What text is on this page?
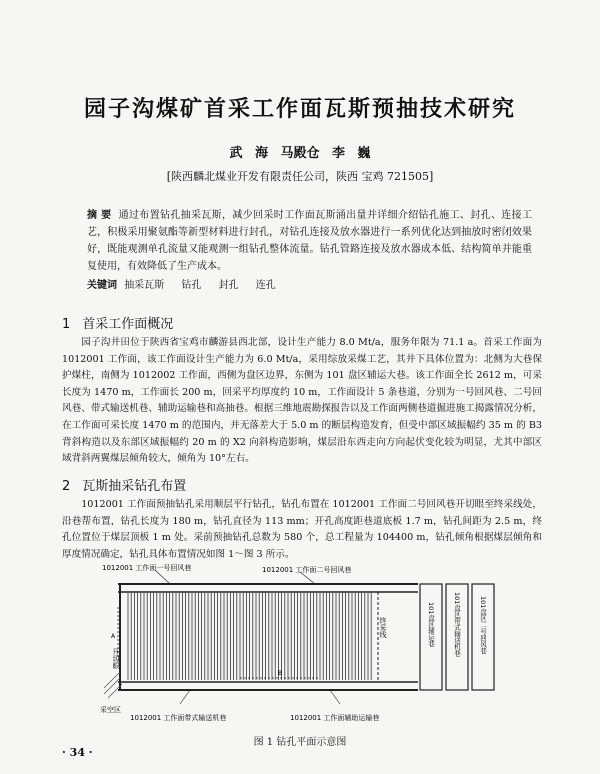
园子沟煤矿首采工作面瓦斯预抽技术研究
武 海 马殿仓 李 巍
[陕西麟北煤业开发有限责任公司，陕西 宝鸡 721505]
摘 要 通过布置钻孔抽采瓦斯，减少回采时工作面瓦斯涌出量并详细介绍钻孔施工、封孔、连接工艺，积极采用聚氨酯等新型材料进行封孔，对钻孔连接及放水器进行一系列优化达到抽放时密闭效果好，既能观测单孔流量又能观测一组钻孔整体流量。钻孔管路连接及放水器成本低、结构简单并能重复使用，有效降低了生产成本。
关键词 抽采瓦斯 钻孔 封孔 连孔
1 首采工作面概况
园子沟井田位于陕西省宝鸡市麟游县西北部，设计生产能力 8.0 Mt/a，服务年限为 71.1 a。首采工作面为 1012001 工作面，该工作面设计生产能力为 6.0 Mt/a，采用综放采煤工艺，其井下具体位置为：北侧为大巷保护煤柱，南侧为 1012002 工作面，西侧为盘区边界，东侧为 101 盘区辅运大巷。该工作面全长 2612 m，可采长度为 1470 m，工作面长 200 m，回采平均厚度约 10 m，工作面设计 5 条巷道，分别为一号回风巷、二号回风巷、带式输送机巷、辅助运输巷和高抽巷。根据三维地震勘探报告以及工作面两侧巷道掘进施工揭露情况分析，在工作面可采长度 1470 m 的范围内，并无落差大于 5.0 m 的断层构造发育，但受中部区域振幅约 35 m 的 B3 背斜构造以及东部区域振幅约 20 m 的 X2 向斜构造影响，煤层沿东西走向方向起伏变化较为明显，尤其中部区域背斜两翼煤层倾角较大，倾角为 10°左右。
2 瓦斯抽采钻孔布置
1012001 工作面预抽钻孔采用顺层平行钻孔，钻孔布置在 1012001 工作面二号回风巷开切眼至终采线处，沿巷帮布置，钻孔长度为 180 m，钻孔直径为 113 mm；开孔高度距巷道底板 1.7 m，钻孔间距为 2.5 m，终孔位置位于煤层顶板 1 m 处。采前预抽钻孔总数为 580 个，总工程量为 104400 m，钻孔倾角根据煤层倾角和厚度情况确定，钻孔具体布置情况如图 1～图 3 所示。
1012001 工作面一号回风巷	1012001 工作面二号回风巷
A
B
采空区
1012001 工作面带式输送机巷	1012001 工作面辅助运输巷
开切眼
终采线	101盘区辅运巷	101盘区带式输送机巷	101盘区二号回风巷
图 1 钻孔平面示意图
· 34 ·
